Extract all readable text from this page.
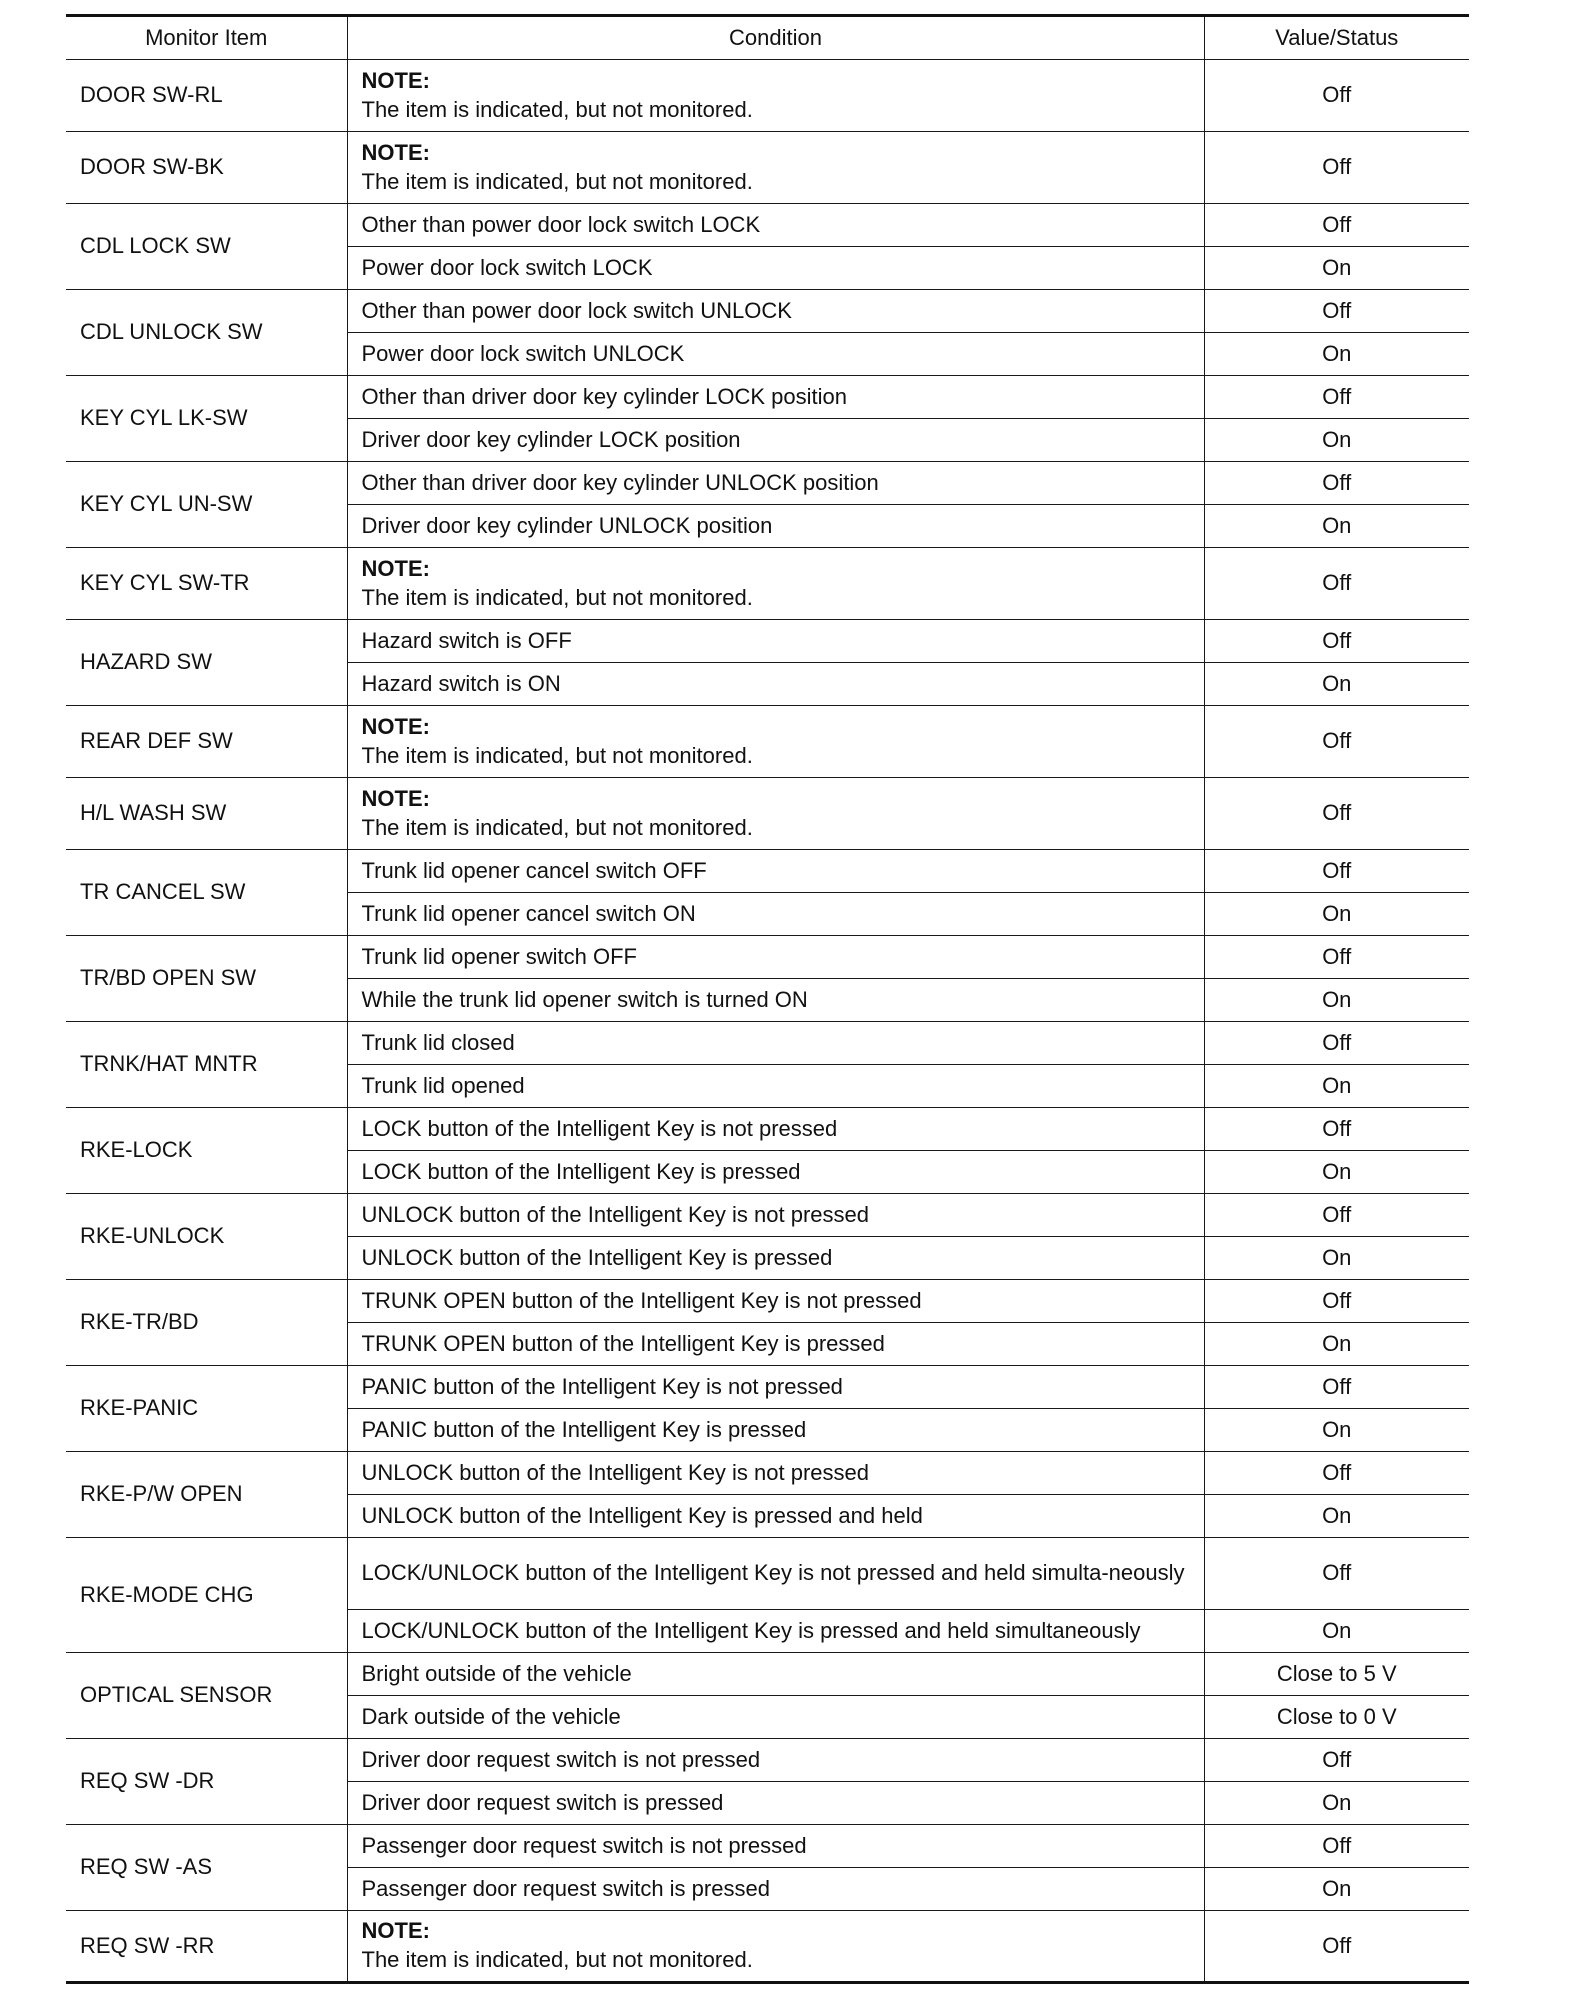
Monitor Item	Condition	Value/Status
DOOR SW-RL	NOTE:
The item is indicated, but not monitored.	Off
DOOR SW-BK	NOTE:
The item is indicated, but not monitored.	Off
CDL LOCK SW	Other than power door lock switch LOCK	Off
	Power door lock switch LOCK	On
CDL UNLOCK SW	Other than power door lock switch UNLOCK	Off
	Power door lock switch UNLOCK	On
KEY CYL LK-SW	Other than driver door key cylinder LOCK position	Off
	Driver door key cylinder LOCK position	On
KEY CYL UN-SW	Other than driver door key cylinder UNLOCK position	Off
	Driver door key cylinder UNLOCK position	On
KEY CYL SW-TR	NOTE:
The item is indicated, but not monitored.	Off
HAZARD SW	Hazard switch is OFF	Off
	Hazard switch is ON	On
REAR DEF SW	NOTE:
The item is indicated, but not monitored.	Off
H/L WASH SW	NOTE:
The item is indicated, but not monitored.	Off
TR CANCEL SW	Trunk lid opener cancel switch OFF	Off
	Trunk lid opener cancel switch ON	On
TR/BD OPEN SW	Trunk lid opener switch OFF	Off
	While the trunk lid opener switch is turned ON	On
TRNK/HAT MNTR	Trunk lid closed	Off
	Trunk lid opened	On
RKE-LOCK	LOCK button of the Intelligent Key is not pressed	Off
	LOCK button of the Intelligent Key is pressed	On
RKE-UNLOCK	UNLOCK button of the Intelligent Key is not pressed	Off
	UNLOCK button of the Intelligent Key is pressed	On
RKE-TR/BD	TRUNK OPEN button of the Intelligent Key is not pressed	Off
	TRUNK OPEN button of the Intelligent Key is pressed	On
RKE-PANIC	PANIC button of the Intelligent Key is not pressed	Off
	PANIC button of the Intelligent Key is pressed	On
RKE-P/W OPEN	UNLOCK button of the Intelligent Key is not pressed	Off
	UNLOCK button of the Intelligent Key is pressed and held	On
RKE-MODE CHG	LOCK/UNLOCK button of the Intelligent Key is not pressed and held simulta-neously	Off
	LOCK/UNLOCK button of the Intelligent Key is pressed and held simultaneously	On
OPTICAL SENSOR	Bright outside of the vehicle	Close to 5 V
	Dark outside of the vehicle	Close to 0 V
REQ SW -DR	Driver door request switch is not pressed	Off
	Driver door request switch is pressed	On
REQ SW -AS	Passenger door request switch is not pressed	Off
	Passenger door request switch is pressed	On
REQ SW -RR	NOTE:
The item is indicated, but not monitored.	Off
